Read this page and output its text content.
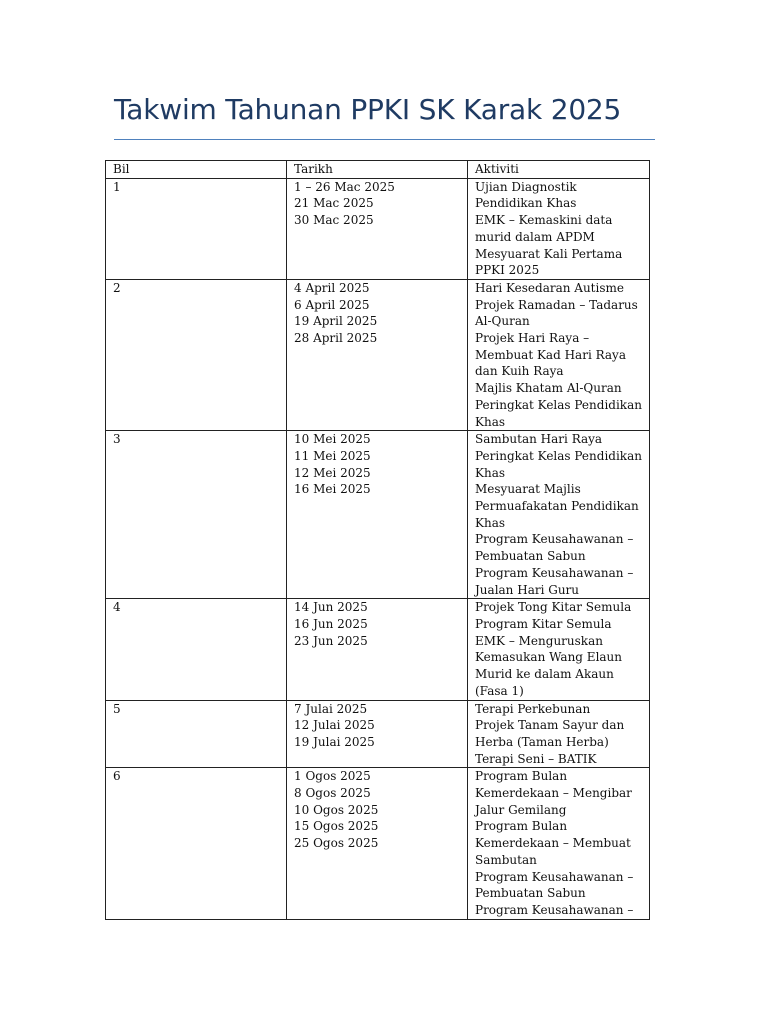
Takwim Tahunan PPKI SK Karak 2025
Bil	Tarikh	Aktiviti
1	1 – 26 Mac 2025
21 Mac 2025
30 Mac 2025	Ujian Diagnostik Pendidikan Khas
EMK – Kemaskini data murid dalam APDM
Mesyuarat Kali Pertama PPKI 2025

2	4 April 2025
6 April 2025
19 April 2025
28 April 2025	Hari Kesedaran Autisme
Projek Ramadan – Tadarus Al-Quran
Projek Hari Raya – Membuat Kad Hari Raya dan Kuih Raya
Majlis Khatam Al-Quran
Peringkat Kelas Pendidikan Khas

3	10 Mei 2025
11 Mei 2025
12 Mei 2025
16 Mei 2025	Sambutan Hari Raya
Peringkat Kelas Pendidikan Khas
Mesyuarat Majlis Permuafakatan Pendidikan Khas
Program Keusahawanan – Pembuatan Sabun
Program Keusahawanan – Jualan Hari Guru

4	14 Jun 2025
16 Jun 2025
23 Jun 2025	Projek Tong Kitar Semula
Program Kitar Semula
EMK – Menguruskan Kemasukan Wang Elaun Murid ke dalam Akaun (Fasa 1)

5	7 Julai 2025
12 Julai 2025
19 Julai 2025	Terapi Perkebunan
Projek Tanam Sayur dan Herba (Taman Herba)
Terapi Seni – BATIK

6	1 Ogos 2025
8 Ogos 2025
10 Ogos 2025
15 Ogos 2025
25 Ogos 2025	Program Bulan Kemerdekaan – Mengibar Jalur Gemilang
Program Bulan Kemerdekaan – Membuat Sambutan
Program Keusahawanan – Pembuatan Sabun
Program Keusahawanan –
